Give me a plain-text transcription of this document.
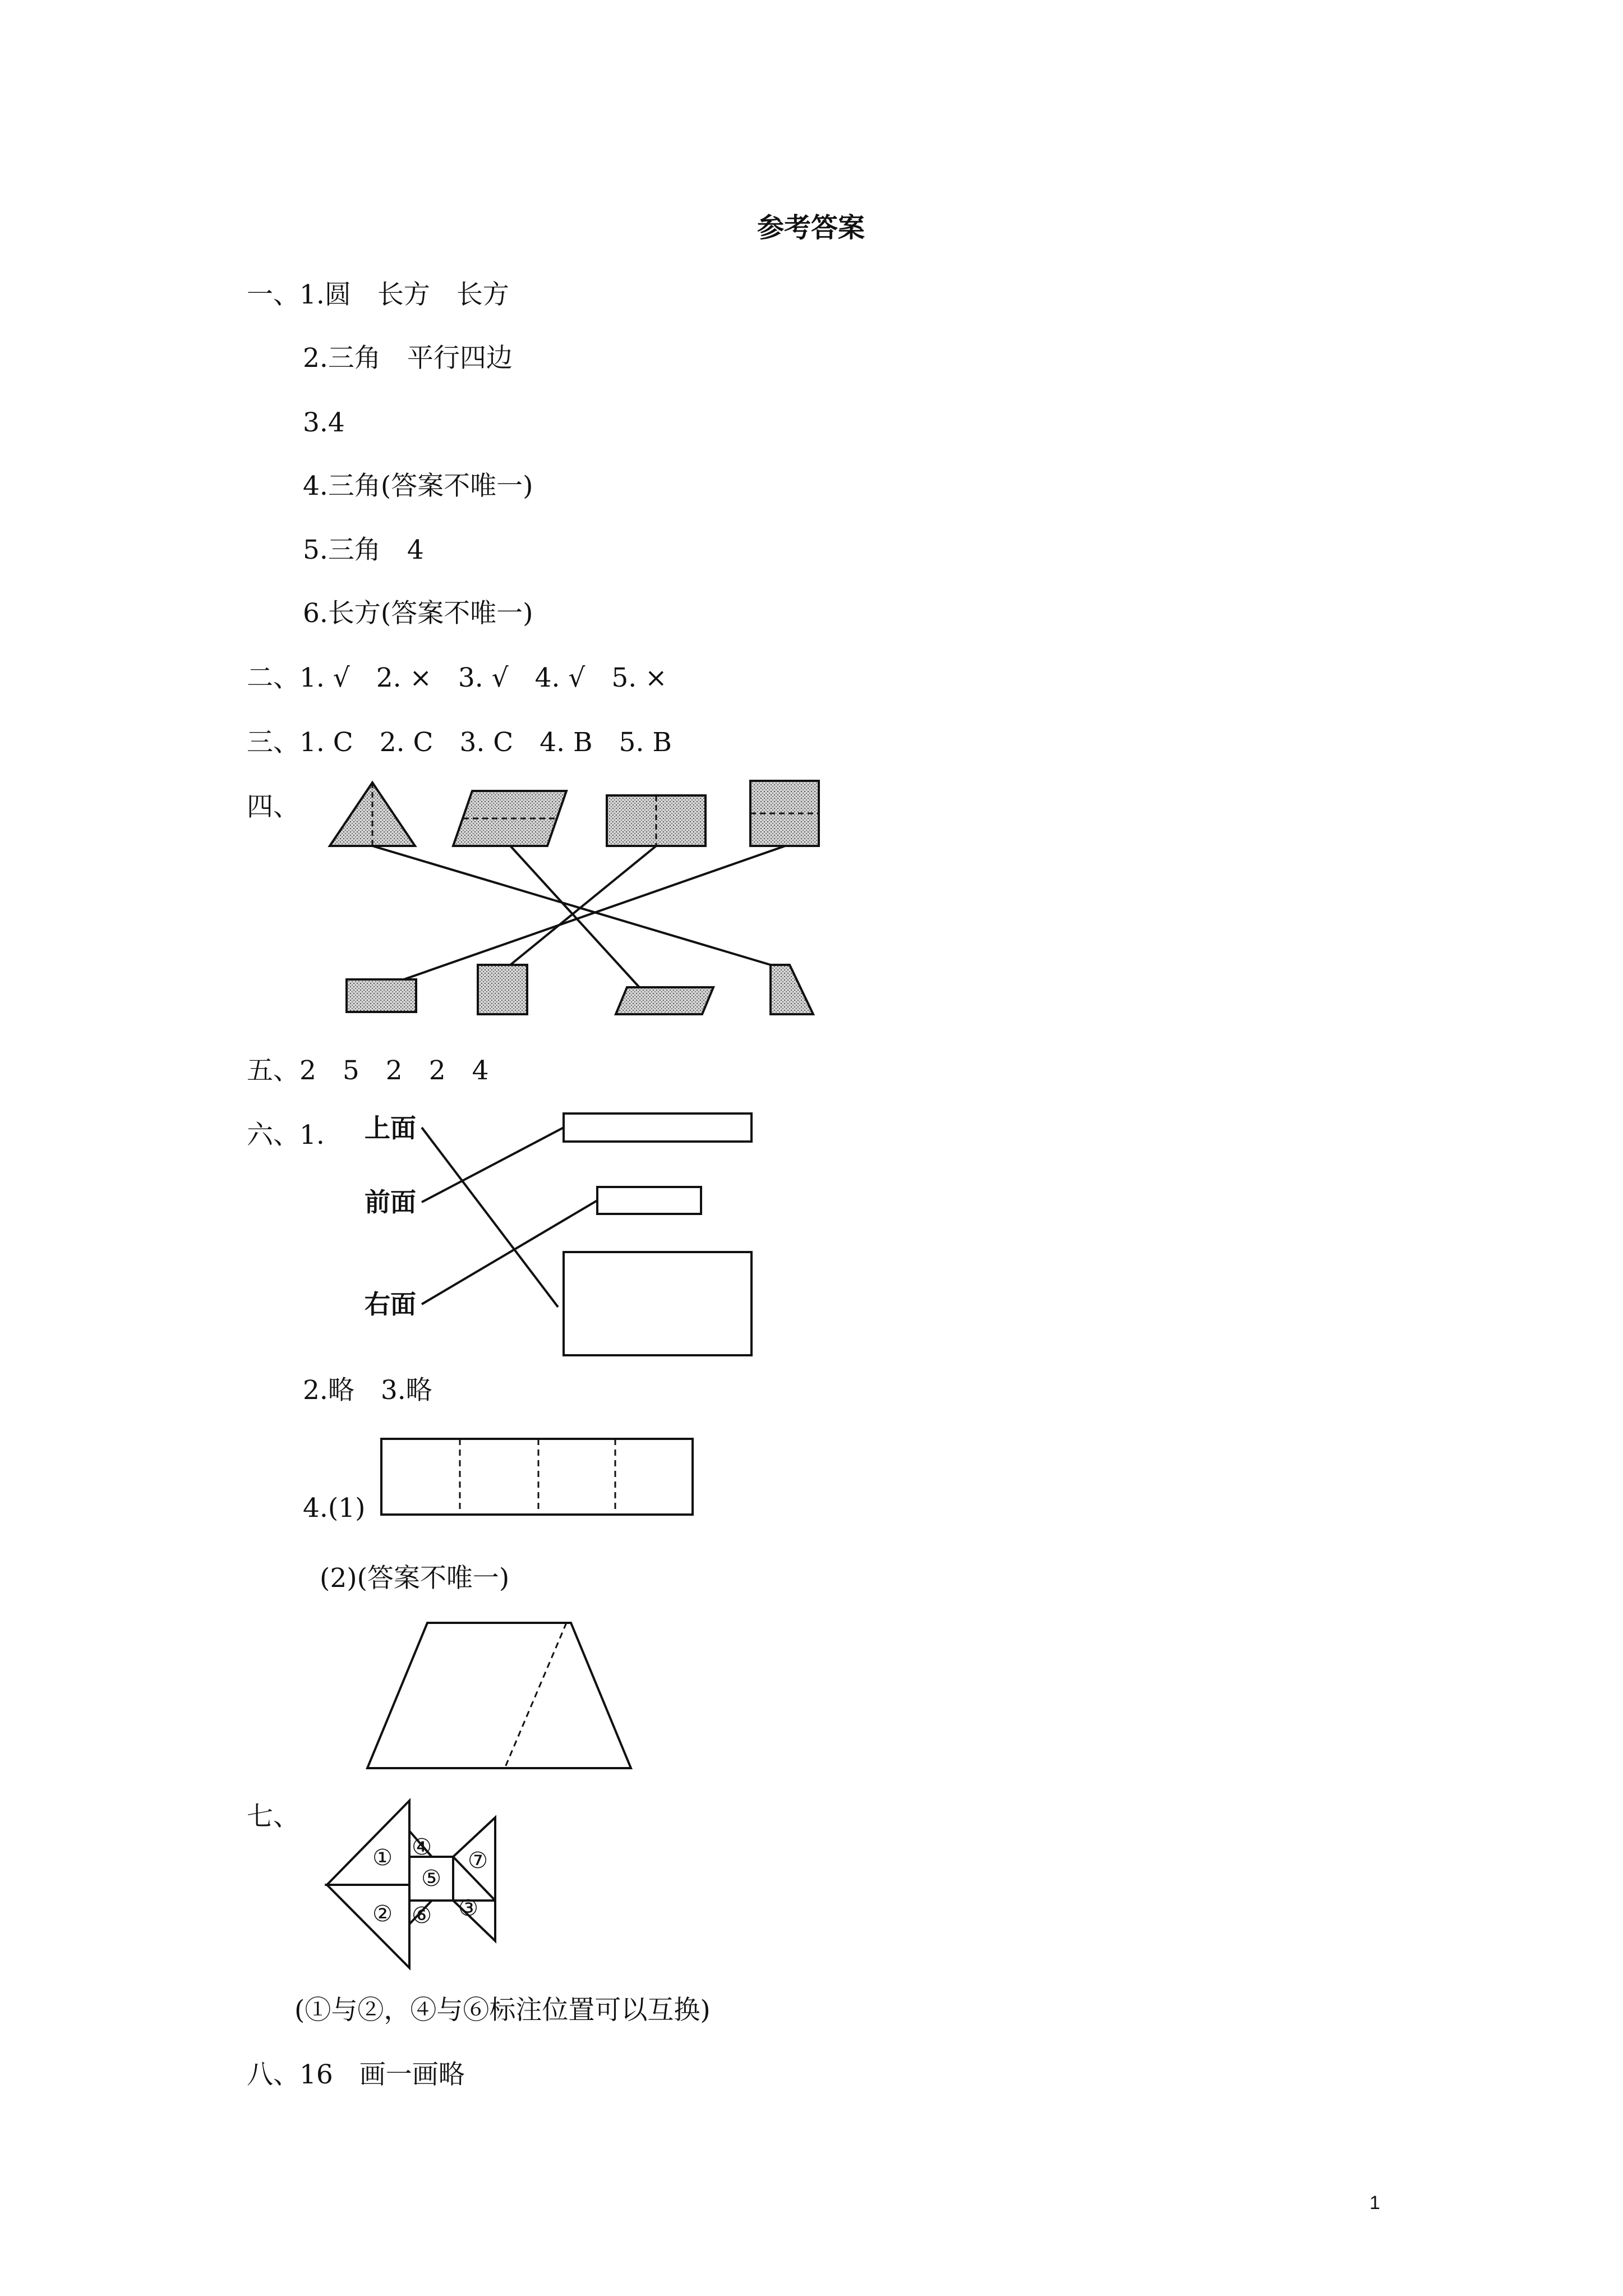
参考答案
一、1.圆　长方　长方
2.三角　平行四边
3.4
4.三角(答案不唯一)
5.三角　4
6.长方(答案不唯一)
二、1. √　2. ×　3. √　4. √　5. ×
三、1. C　2. C　3. C　4. B　5. B
四、
五、2　5　2　2　4
六、1. 上面
前面
右面
2.略　3.略
4.(1)
(2)(答案不唯一)
七、
①
②	③
④
⑤
⑥
⑦
(①与②，④与⑥标注位置可以互换)
八、16　画一画略
1
